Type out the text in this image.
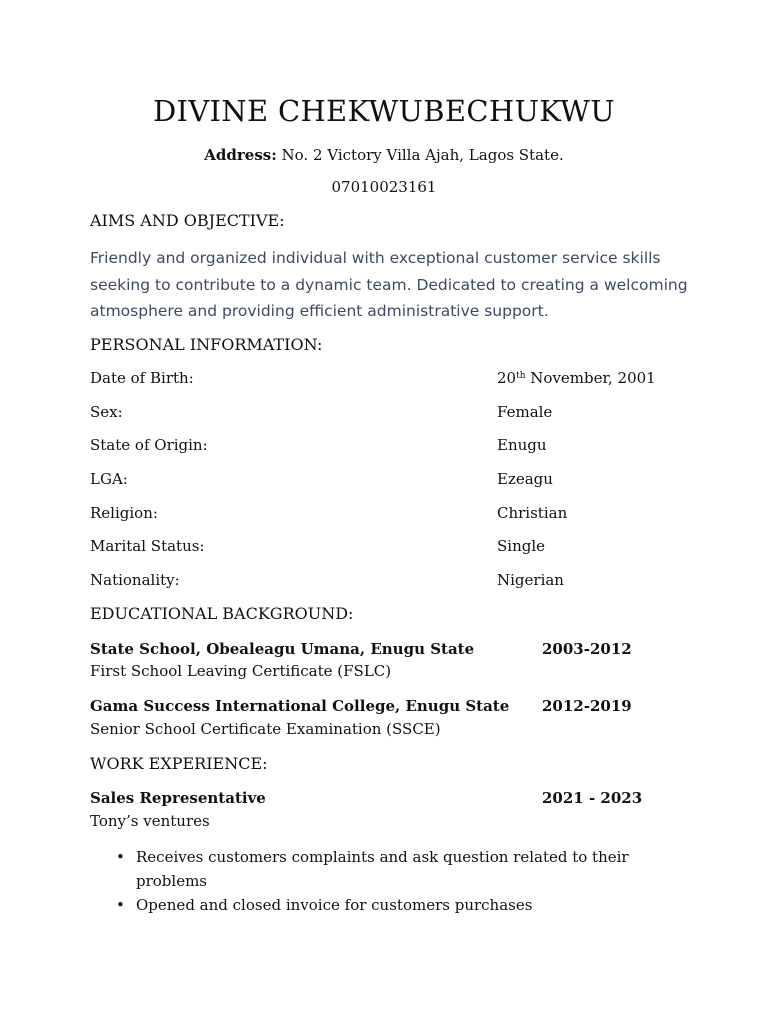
DIVINE CHEKWUBECHUKWU
Address: No. 2 Victory Villa Ajah, Lagos State.
07010023161
AIMS AND OBJECTIVE:
Friendly and organized individual with exceptional customer service skills seeking to contribute to a dynamic team. Dedicated to creating a welcoming atmosphere and providing efficient administrative support.
PERSONAL INFORMATION:
Date of Birth:	20th November, 2001
Sex:	Female
State of Origin:	Enugu
LGA:	Ezeagu
Religion:	Christian
Marital Status:	Single
Nationality:	Nigerian
EDUCATIONAL BACKGROUND:
State School, Obealeagu Umana, Enugu State	2003-2012
First School Leaving Certificate (FSLC)
Gama Success International College, Enugu State 2012-2019
Senior School Certificate Examination (SSCE)
WORK EXPERIENCE:
Sales Representative	2021 - 2023
Tony’s ventures
• Receives customers complaints and ask question related to their problems
• Opened and closed invoice for customers purchases
